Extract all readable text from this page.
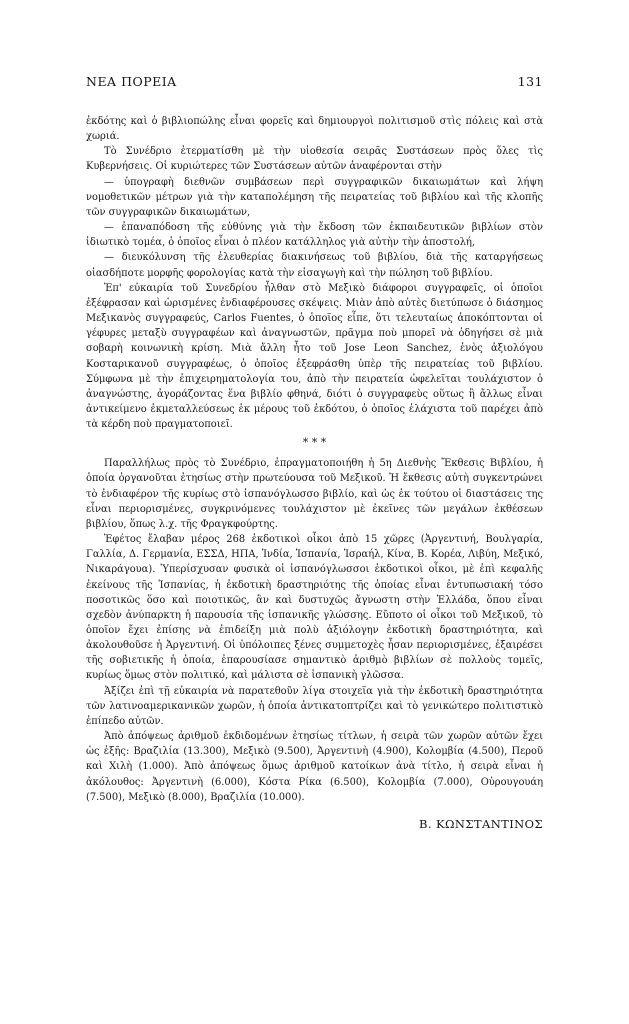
ΝΕΑ ΠΟΡΕΙΑ	131

ἐκδότης καὶ ὁ βιβλιοπώλης εἶναι φορεῖς καὶ δημιουργοὶ πολιτισμοῦ στὶς πόλεις καὶ στὰ χωριά.

Τὸ Συνέδριο ἐτερματίσθη μὲ τὴν υἱοθεσία σειρᾶς Συστάσεων πρὸς ὅλες τὶς Κυβερνήσεις. Οἱ κυριώτερες τῶν Συστάσεων αὐτῶν ἀναφέρονται στὴν

— ὑπογραφὴ διεθνῶν συμβάσεων περὶ συγγραφικῶν δικαιωμάτων καὶ λήψη νομοθετικῶν μέτρων γιὰ τὴν καταπολέμηση τῆς πειρατείας τοῦ βιβλίου καὶ τῆς κλοπῆς τῶν συγγραφικῶν δικαιωμάτων,

— ἐπαναπόδοση τῆς εὐθύνης γιὰ τὴν ἔκδοση τῶν ἐκπαιδευτικῶν βιβλίων στὸν ἰδιωτικὸ τομέα, ὁ ὁποῖος εἶναι ὁ πλέον κατάλληλος γιὰ αὐτὴν τὴν ἀποστολή,

— διευκόλυνση τῆς ἐλευθερίας διακινήσεως τοῦ βιβλίου, διὰ τῆς καταργήσεως οἱασδήποτε μορφῆς φορολογίας κατὰ τὴν εἰσαγωγὴ καὶ τὴν πώληση τοῦ βιβλίου.

Ἐπ' εὐκαιρία τοῦ Συνεδρίου ἦλθαν στὸ Μεξικὸ διάφοροι συγγραφεῖς, οἱ ὁποῖοι ἐξέφρασαν καὶ ὡρισμένες ἐνδιαφέρουσες σκέψεις. Μιὰν ἀπὸ αὐτὲς διετύπωσε ὁ διάσημος Μεξικανὸς συγγραφεύς, Carlos Fuentes, ὁ ὁποῖος εἶπε, ὅτι τελευταίως ἀποκόπτονται οἱ γέφυρες μεταξὺ συγγραφέων καὶ ἀναγνωστῶν, πρᾶγμα ποὺ μπορεῖ νὰ ὁδηγήσει σὲ μιὰ σοβαρὴ κοινωνικὴ κρίση. Μιὰ ἄλλη ἦτο τοῦ Jose Leon Sanchez, ἑνὸς ἀξιολόγου Κοσταρικανοῦ συγγραφέως, ὁ ὁποῖος ἐξεφράσθη ὑπὲρ τῆς πειρατείας τοῦ βιβλίου. Σύμφωνα μὲ τὴν ἐπιχειρηματολογία του, ἀπὸ τὴν πειρατεία ὠφελεῖται τουλάχιστον ὁ ἀναγνώστης, ἀγοράζοντας ἕνα βιβλίο φθηνά, διότι ὁ συγγραφεὺς οὕτως ἢ ἄλλως εἶναι ἀντικείμενο ἐκμεταλλεύσεως ἐκ μέρους τοῦ ἐκδότου, ὁ ὁποῖος ἐλάχιστα τοῦ παρέχει ἀπὸ τὰ κέρδη ποὺ πραγματοποιεῖ.

* * *

Παραλλήλως πρὸς τὸ Συνέδριο, ἐπραγματοποιήθη ἡ 5η Διεθνὴς Ἔκθεσις Βιβλίου, ἡ ὁποία ὀργανοῦται ἐτησίως στὴν πρωτεύουσα τοῦ Μεξικοῦ. Ἡ ἔκθεσις αὐτὴ συγκεντρώνει τὸ ἐνδιαφέρον τῆς κυρίως στὸ ἱσπανόγλωσσο βιβλίο, καὶ ὡς ἐκ τούτου οἱ διαστάσεις της εἶναι περιορισμένες, συγκρινόμενες τουλάχιστον μὲ ἐκεῖνες τῶν μεγάλων ἐκθέσεων βιβλίου, ὅπως λ.χ. τῆς Φραγκφούρτης.

Ἐφέτος ἔλαβαν μέρος 268 ἐκδοτικοὶ οἶκοι ἀπὸ 15 χῶρες (Ἀργεντινή, Βουλγαρία, Γαλλία, Δ. Γερμανία, ΕΣΣΔ, ΗΠΑ, Ἰνδία, Ἱσπανία, Ἰσραήλ, Κίνα, Β. Κορέα, Λιβύη, Μεξικό, Νικαράγουα). Ὑπερίσχυσαν φυσικὰ οἱ ἱσπανόγλωσσοι ἐκδοτικοὶ οἶκοι, μὲ ἐπὶ κεφαλῆς ἐκείνους τῆς Ἱσπανίας, ἡ ἐκδοτικὴ δραστηριότης τῆς ὁποίας εἶναι ἐντυπωσιακή τόσο ποσοτικῶς ὅσο καὶ ποιοτικῶς, ἂν καὶ δυστυχῶς ἄγνωστη στὴν Ἑλλάδα, ὅπου εἶναι σχεδὸν ἀνύπαρκτη ἡ παρουσία τῆς ἱσπανικῆς γλώσσης. Εὔποτο οἱ οἶκοι τοῦ Μεξικοῦ, τὸ ὁποῖον ἔχει ἐπίσης νὰ ἐπιδείξη μιὰ πολὺ ἀξιόλογην ἐκδοτικὴ δραστηριότητα, καὶ ἀκολουθοῦσε ἡ Ἀργεντινή. Οἱ ὑπόλοιπες ξένες συμμετοχὲς ἦσαν περιορισμένες, ἐξαιρέσει τῆς σοβιετικῆς ἡ ὁποία, ἐπαρουσίασε σημαντικὸ ἀριθμὸ βιβλίων σὲ πολλοὺς τομεῖς, κυρίως ὅμως στὸν πολιτικό, καὶ μάλιστα σὲ ἱσπανικὴ γλῶσσα.

Ἀξίζει ἐπὶ τῇ εὐκαιρία νὰ παρατεθοῦν λίγα στοιχεῖα γιὰ τὴν ἐκδοτικὴ δραστηριότητα τῶν λατινοαμερικανικῶν χωρῶν, ἡ ὁποία ἀντικατοπτρίζει καὶ τὸ γενικώτερο πολιτιστικὸ ἐπίπεδο αὐτῶν.

Ἀπὸ ἀπόψεως ἀριθμοῦ ἐκδιδομένων ἐτησίως τίτλων, ἡ σειρὰ τῶν χωρῶν αὐτῶν ἔχει ὡς ἑξῆς: Βραζιλία (13.300), Μεξικὸ (9.500), Ἀργεντινὴ (4.900), Κολομβία (4.500), Περοῦ καὶ Χιλὴ (1.000). Ἀπὸ ἀπόψεως ὅμως ἀριθμοῦ κατοίκων ἀνὰ τίτλο, ἡ σειρὰ εἶναι ἡ ἀκόλουθος: Ἀργεντινὴ (6.000), Κόστα Ρίκα (6.500), Κολομβία (7.000), Οὐρουγουάη (7.500), Μεξικὸ (8.000), Βραζιλία (10.000).

Β. ΚΩΝΣΤΑΝΤΙΝΟΣ
